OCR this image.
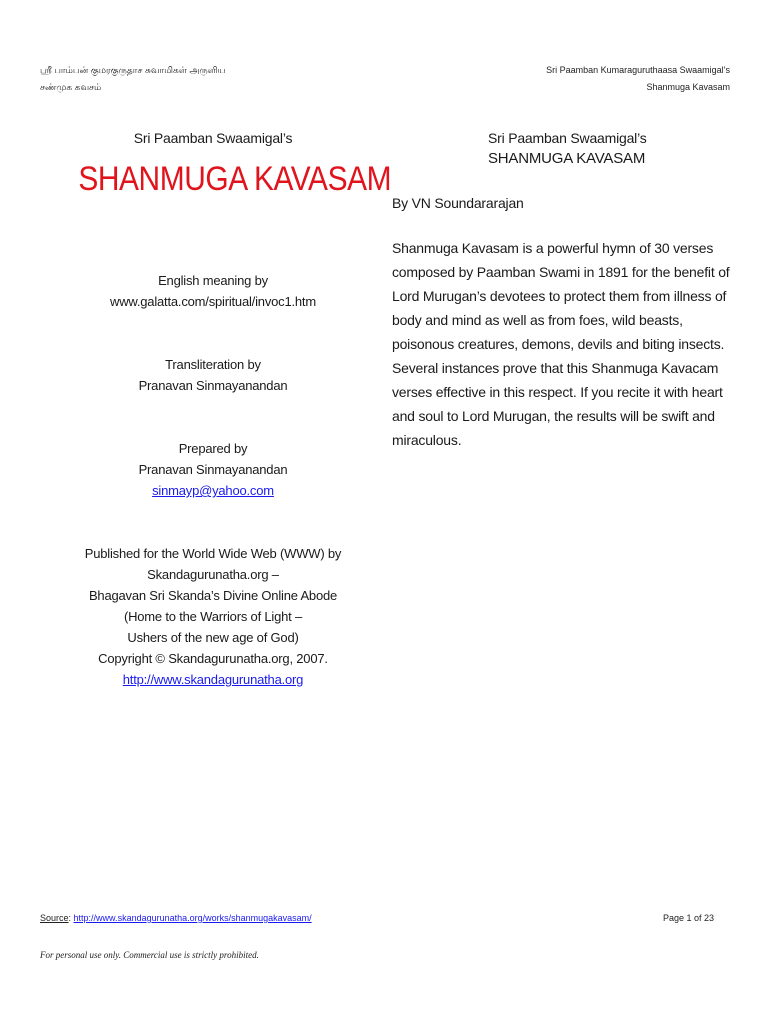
ஸ்ரீ பாம்பன் குமரகுருதாச சுவாமிகள் அருளிய
சண்முக கவசம்
Sri Paamban Kumaraguruthaasa Swaamigal’s
Shanmuga Kavasam
Sri Paamban Swaamigal’s
SHANMUGA KAVASAM
English meaning by
www.galatta.com/spiritual/invoc1.htm
Transliteration by
Pranavan Sinmayanandan
Prepared by
Pranavan Sinmayanandan
sinmayp@yahoo.com
Published for the World Wide Web (WWW) by
Skandagurunatha.org –
Bhagavan Sri Skanda’s Divine Online Abode
(Home to the Warriors of Light –
Ushers of the new age of God)
Copyright © Skandagurunatha.org, 2007.
http://www.skandagurunatha.org
Sri Paamban Swaamigal’s
SHANMUGA KAVASAM
By VN Soundararajan
Shanmuga Kavasam is a powerful hymn of 30 verses
composed by Paamban Swami in 1891 for the benefit of
Lord Murugan’s devotees to protect them from illness of
body and mind as well as from foes, wild beasts,
poisonous creatures, demons, devils and biting insects.
Several instances prove that this Shanmuga Kavacam
verses effective in this respect. If you recite it with heart
and soul to Lord Murugan, the results will be swift and
miraculous.
Source: http://www.skandagurunatha.org/works/shanmugakavasam/	Page 1 of 23
For personal use only. Commercial use is strictly prohibited.
